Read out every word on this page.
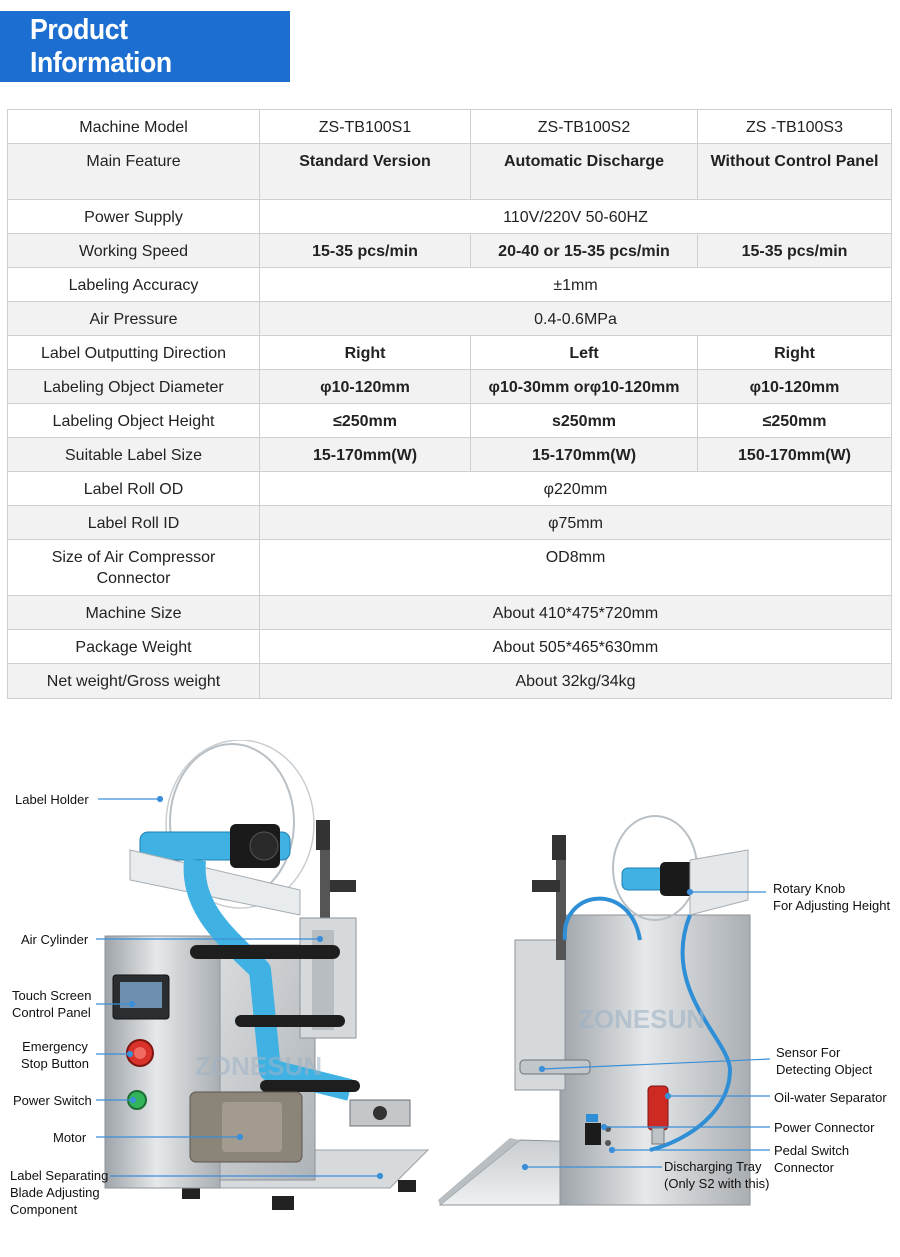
Product Information
Machine Model	ZS-TB100S1	ZS-TB100S2	ZS -TB100S3
Main Feature	Standard Version	Automatic Discharge	Without Control Panel
Power Supply	110V/220V 50-60HZ		
Working Speed	15-35 pcs/min	20-40 or 15-35 pcs/min	15-35 pcs/min
Labeling Accuracy	±1mm		
Air Pressure	0.4-0.6MPa		
Label Outputting Direction	Right	Left	Right
Labeling Object Diameter	φ10-120mm	φ10-30mm orφ10-120mm	φ10-120mm
Labeling Object Height	≤250mm	s250mm	≤250mm
Suitable Label Size	15-170mm(W)	15-170mm(W)	150-170mm(W)
Label Roll OD	φ220mm		
Label Roll ID	φ75mm		
Size of Air Compressor Connector	OD8mm		
Machine Size	About 410*475*720mm		
Package Weight	About 505*465*630mm		
Net weight/Gross weight	About 32kg/34kg		
ZONESUN
ZONESUN
Label Holder
Air Cylinder
Touch Screen
Control Panel
Emergency
Stop Button
Power Switch
Motor
Label Separating
Blade Adjusting
Component
Rotary Knob
For Adjusting Height
Sensor For
Detecting Object
Oil-water Separator
Power Connector
Pedal Switch
Connector
Discharging Tray
(Only S2 with this)
